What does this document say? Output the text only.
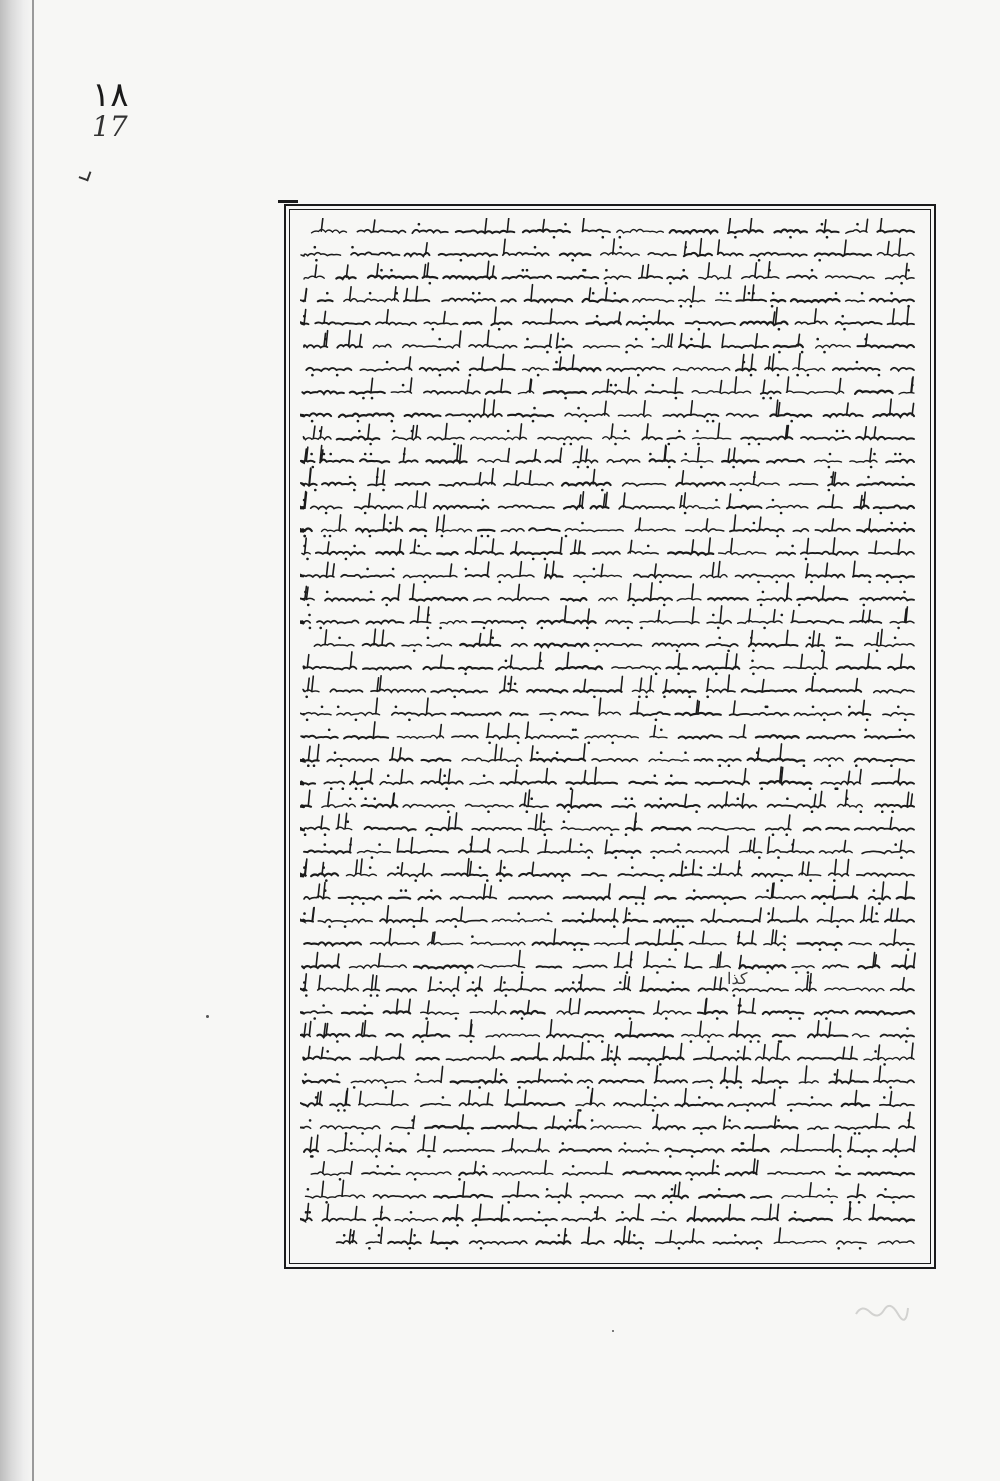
١٨
17
كذا
